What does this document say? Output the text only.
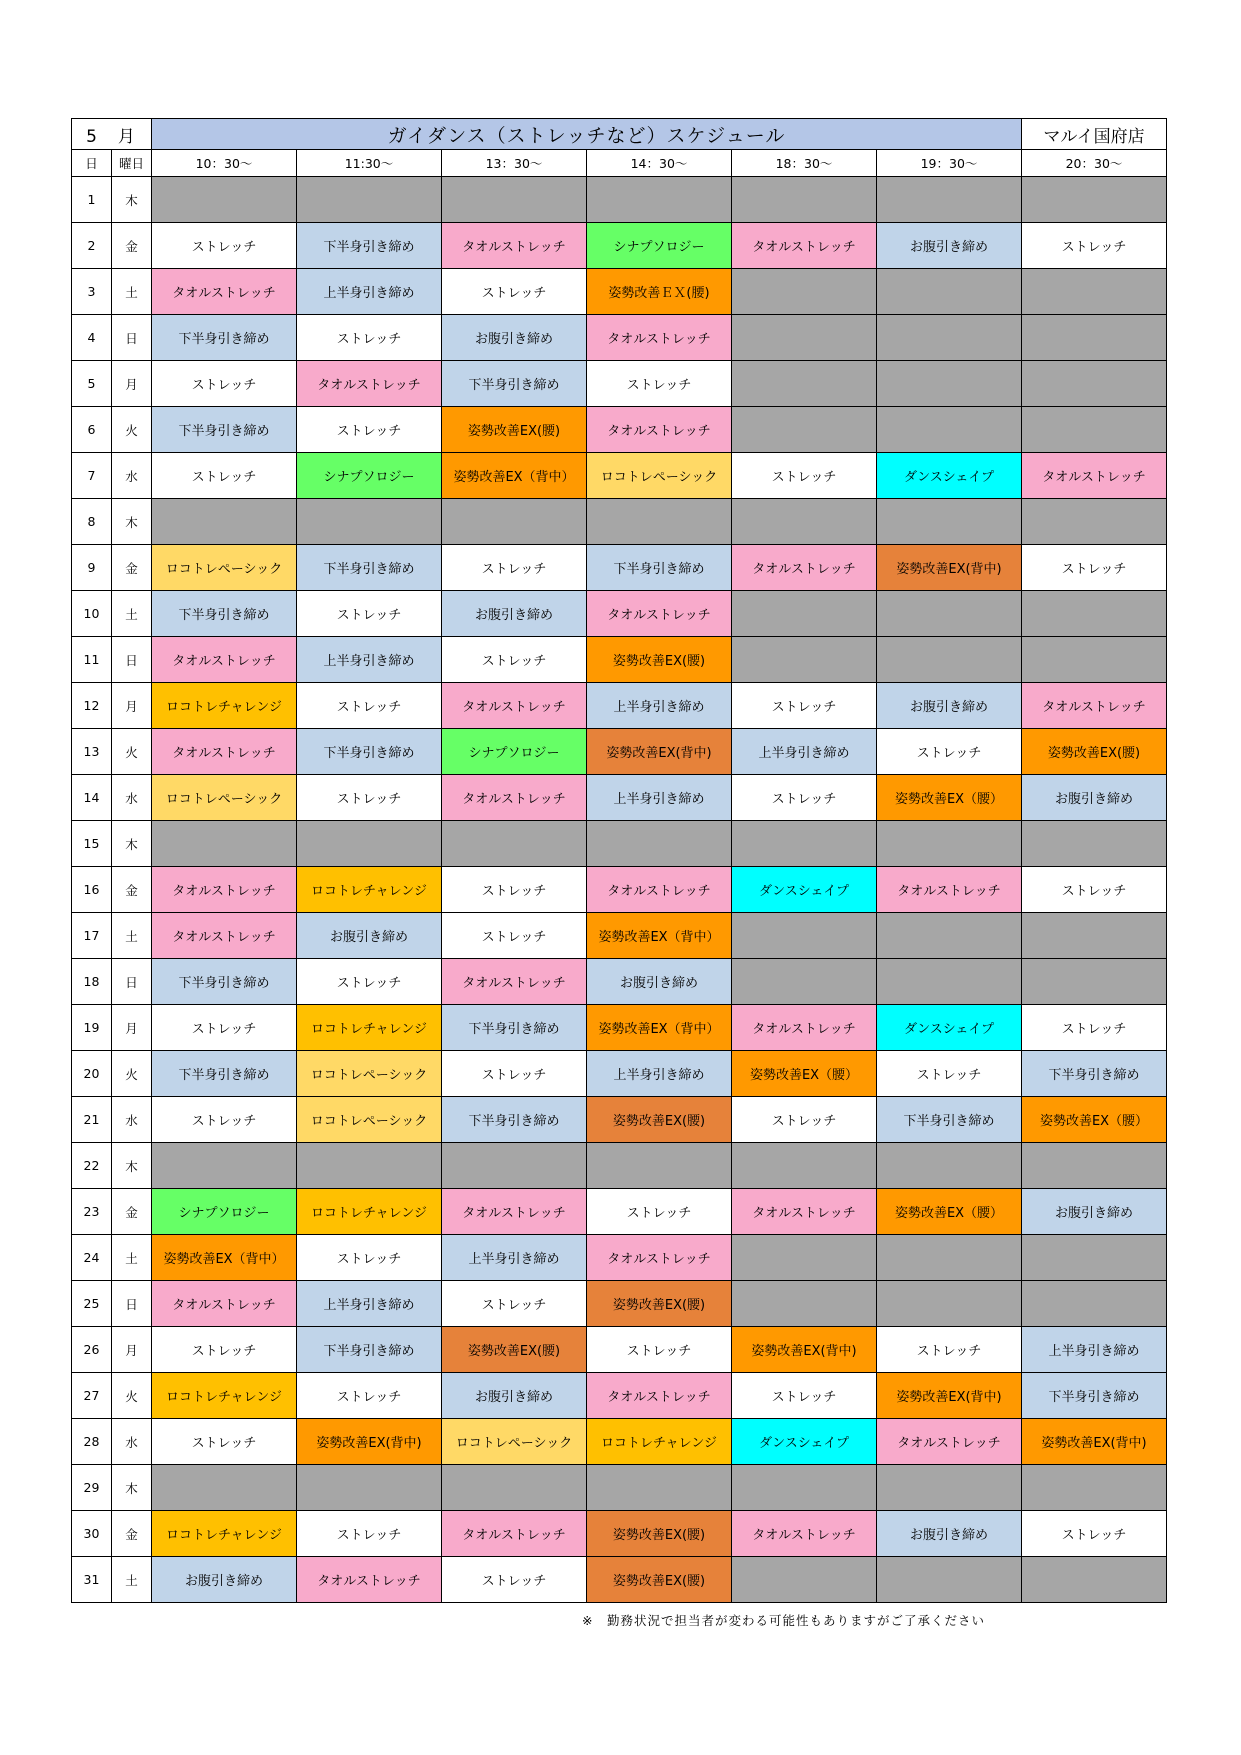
5　 月		ガイダンス（ストレッチなど）スケジュール						マルイ国府店
日	曜日	10：30～	11:30～	13：30～	14：30～	18：30～	19：30～	20：30～
1	木							
2	金	ストレッチ	下半身引き締め	タオルストレッチ	シナプソロジー	タオルストレッチ	お腹引き締め	ストレッチ
3	土	タオルストレッチ	上半身引き締め	ストレッチ	姿勢改善ＥＸ(腰)			
4	日	下半身引き締め	ストレッチ	お腹引き締め	タオルストレッチ			
5	月	ストレッチ	タオルストレッチ	下半身引き締め	ストレッチ			
6	火	下半身引き締め	ストレッチ	姿勢改善EX(腰)	タオルストレッチ			
7	水	ストレッチ	シナプソロジー	姿勢改善EX（背中）	ロコトレペーシック	ストレッチ	ダンスシェイプ	タオルストレッチ
8	木							
9	金	ロコトレペーシック	下半身引き締め	ストレッチ	下半身引き締め	タオルストレッチ	姿勢改善EX(背中)	ストレッチ
10	土	下半身引き締め	ストレッチ	お腹引き締め	タオルストレッチ			
11	日	タオルストレッチ	上半身引き締め	ストレッチ	姿勢改善EX(腰)			
12	月	ロコトレチャレンジ	ストレッチ	タオルストレッチ	上半身引き締め	ストレッチ	お腹引き締め	タオルストレッチ
13	火	タオルストレッチ	下半身引き締め	シナプソロジー	姿勢改善EX(背中)	上半身引き締め	ストレッチ	姿勢改善EX(腰)
14	水	ロコトレペーシック	ストレッチ	タオルストレッチ	上半身引き締め	ストレッチ	姿勢改善EX（腰）	お腹引き締め
15	木							
16	金	タオルストレッチ	ロコトレチャレンジ	ストレッチ	タオルストレッチ	ダンスシェイプ	タオルストレッチ	ストレッチ
17	土	タオルストレッチ	お腹引き締め	ストレッチ	姿勢改善EX（背中）			
18	日	下半身引き締め	ストレッチ	タオルストレッチ	お腹引き締め			
19	月	ストレッチ	ロコトレチャレンジ	下半身引き締め	姿勢改善EX（背中）	タオルストレッチ	ダンスシェイプ	ストレッチ
20	火	下半身引き締め	ロコトレペーシック	ストレッチ	上半身引き締め	姿勢改善EX（腰）	ストレッチ	下半身引き締め
21	水	ストレッチ	ロコトレペーシック	下半身引き締め	姿勢改善EX(腰)	ストレッチ	下半身引き締め	姿勢改善EX（腰）
22	木							
23	金	シナプソロジー	ロコトレチャレンジ	タオルストレッチ	ストレッチ	タオルストレッチ	姿勢改善EX（腰）	お腹引き締め
24	土	姿勢改善EX（背中）	ストレッチ	上半身引き締め	タオルストレッチ			
25	日	タオルストレッチ	上半身引き締め	ストレッチ	姿勢改善EX(腰)			
26	月	ストレッチ	下半身引き締め	姿勢改善EX(腰)	ストレッチ	姿勢改善EX(背中)	ストレッチ	上半身引き締め
27	火	ロコトレチャレンジ	ストレッチ	お腹引き締め	タオルストレッチ	ストレッチ	姿勢改善EX(背中)	下半身引き締め
28	水	ストレッチ	姿勢改善EX(背中)	ロコトレペーシック	ロコトレチャレンジ	ダンスシェイプ	タオルストレッチ	姿勢改善EX(背中)
29	木							
30	金	ロコトレチャレンジ	ストレッチ	タオルストレッチ	姿勢改善EX(腰)	タオルストレッチ	お腹引き締め	ストレッチ
31	土	お腹引き締め	タオルストレッチ	ストレッチ	姿勢改善EX(腰)			
※　勤務状況で担当者が変わる可能性もありますがご了承ください
